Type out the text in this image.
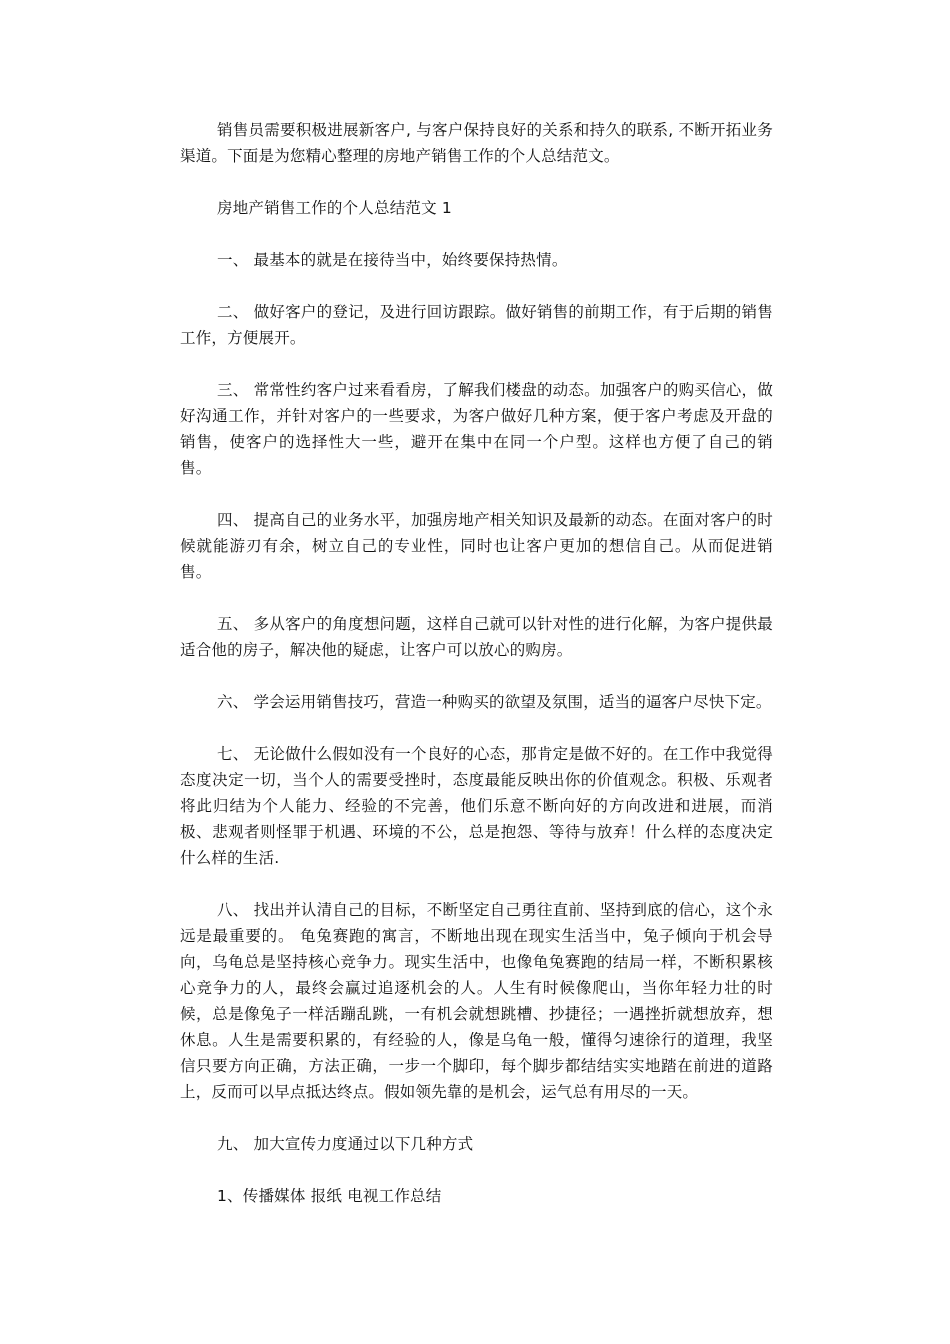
销售员需要积极进展新客户, 与客户保持良好的关系和持久的联系, 不断开拓业务渠道。下面是为您精心整理的房地产销售工作的个人总结范文。

房地产销售工作的个人总结范文 1

一、 最基本的就是在接待当中，始终要保持热情。

二、 做好客户的登记，及进行回访跟踪。做好销售的前期工作，有于后期的销售工作，方便展开。

三、 常常性约客户过来看看房，了解我们楼盘的动态。加强客户的购买信心，做好沟通工作，并针对客户的一些要求，为客户做好几种方案，便于客户考虑及开盘的销售，使客户的选择性大一些，避开在集中在同一个户型。这样也方便了自己的销售。

四、 提高自己的业务水平，加强房地产相关知识及最新的动态。在面对客户的时候就能游刃有余，树立自己的专业性，同时也让客户更加的想信自己。从而促进销售。

五、 多从客户的角度想问题，这样自己就可以针对性的进行化解，为客户提供最适合他的房子，解决他的疑虑，让客户可以放心的购房。

六、 学会运用销售技巧，营造一种购买的欲望及氛围，适当的逼客户尽快下定。

七、 无论做什么假如没有一个良好的心态，那肯定是做不好的。在工作中我觉得态度决定一切，当个人的需要受挫时，态度最能反映出你的价值观念。积极、乐观者将此归结为个人能力、经验的不完善，他们乐意不断向好的方向改进和进展，而消极、悲观者则怪罪于机遇、环境的不公，总是抱怨、等待与放弃！什么样的态度决定什么样的生活.

八、 找出并认清自己的目标，不断坚定自己勇往直前、坚持到底的信心，这个永远是最重要的。 龟兔赛跑的寓言，不断地出现在现实生活当中，兔子倾向于机会导向，乌龟总是坚持核心竞争力。现实生活中，也像龟兔赛跑的结局一样，不断积累核心竞争力的人，最终会赢过追逐机会的人。人生有时候像爬山，当你年轻力壮的时候，总是像兔子一样活蹦乱跳，一有机会就想跳槽、抄捷径；一遇挫折就想放弃，想休息。人生是需要积累的，有经验的人，像是乌龟一般，懂得匀速徐行的道理，我坚信只要方向正确，方法正确，一步一个脚印，每个脚步都结结实实地踏在前进的道路上，反而可以早点抵达终点。假如领先靠的是机会，运气总有用尽的一天。

九、 加大宣传力度通过以下几种方式

1、传播媒体 报纸 电视工作总结
